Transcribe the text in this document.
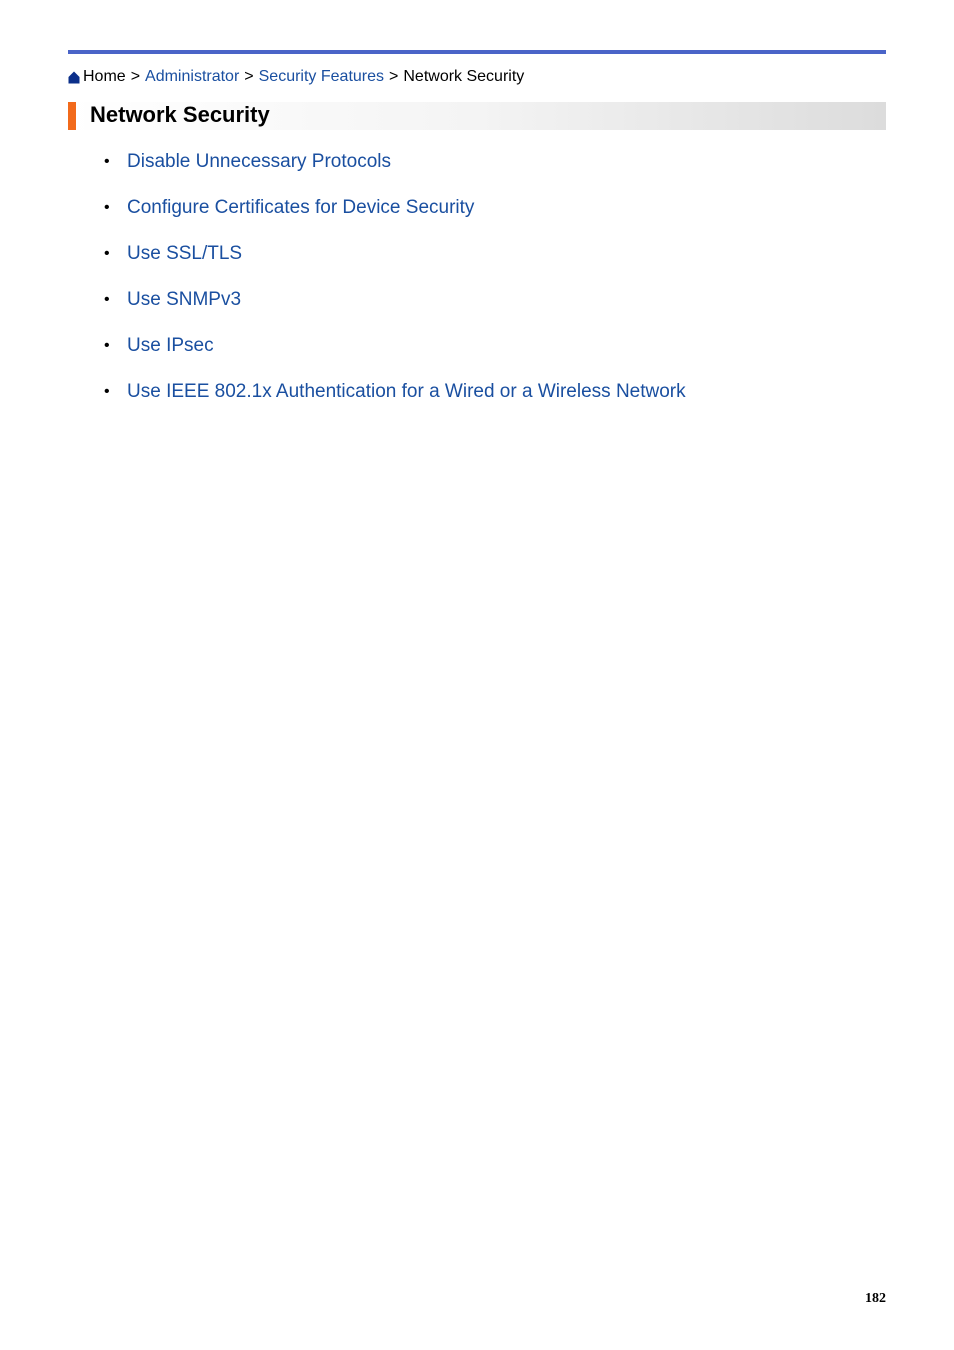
Home > Administrator > Security Features > Network Security
Network Security
• Disable Unnecessary Protocols
• Configure Certificates for Device Security
• Use SSL/TLS
• Use SNMPv3
• Use IPsec
• Use IEEE 802.1x Authentication for a Wired or a Wireless Network
182
